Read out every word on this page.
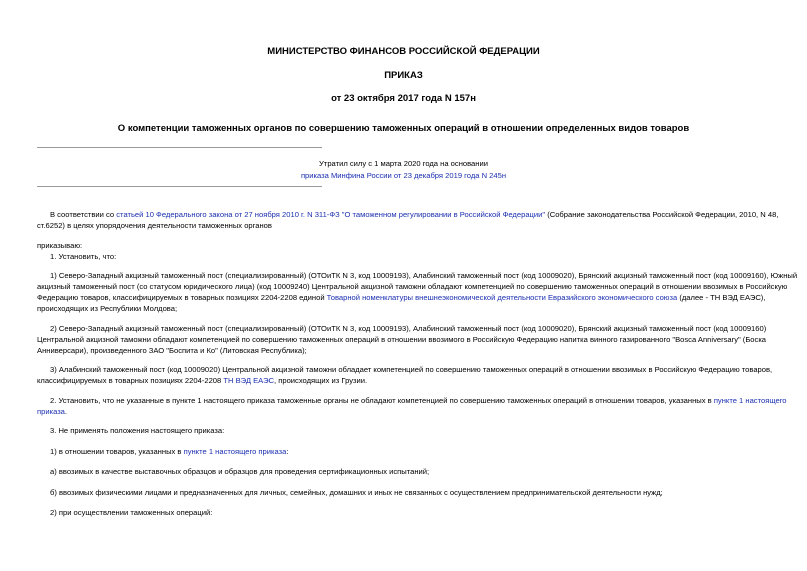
МИНИСТЕРСТВО ФИНАНСОВ РОССИЙСКОЙ ФЕДЕРАЦИИ
ПРИКАЗ
от 23 октября 2017 года N 157н
О компетенции таможенных органов по совершению таможенных операций в отношении определенных видов товаров
Утратил силу с 1 марта 2020 года на основании
приказа Минфина России от 23 декабря 2019 года N 245н
В соответствии со статьей 10 Федерального закона от 27 ноября 2010 г. N 311-ФЗ "О таможенном регулировании в Российской Федерации" (Собрание законодательства Российской Федерации, 2010, N 48,
ст.6252) в целях упорядочения деятельности таможенных органов
приказываю:
1. Установить, что:
1) Северо-Западный акцизный таможенный пост (специализированный) (ОТОиТК N 3, код 10009193), Алабинский таможенный пост (код 10009020), Брянский акцизный таможенный пост (код 10009160), Южный
акцизный таможенный пост (со статусом юридического лица) (код 10009240) Центральной акцизной таможни обладают компетенцией по совершению таможенных операций в отношении ввозимых в Российскую
Федерацию товаров, классифицируемых в товарных позициях 2204-2208 единой Товарной номенклатуры внешнеэкономической деятельности Евразийского экономического союза (далее - ТН ВЭД ЕАЭС),
происходящих из Республики Молдова;
2) Северо-Западный акцизный таможенный пост (специализированный) (ОТОиТК N 3, код 10009193), Алабинский таможенный пост (код 10009020), Брянский акцизный таможенный пост (код 10009160)
Центральной акцизной таможни обладают компетенцией по совершению таможенных операций в отношении ввозимого в Российскую Федерацию напитка винного газированного "Bosca Anniversary" (Боска
Анниверсари), произведенного ЗАО "Боспита и Ко" (Литовская Республика);
3) Алабинский таможенный пост (код 10009020) Центральной акцизной таможни обладает компетенцией по совершению таможенных операций в отношении ввозимых в Российскую Федерацию товаров,
классифицируемых в товарных позициях 2204-2208 ТН ВЭД ЕАЭС, происходящих из Грузии.
2. Установить, что не указанные в пункте 1 настоящего приказа таможенные органы не обладают компетенцией по совершению таможенных операций в отношении товаров, указанных в пункте 1 настоящего
приказа.
3. Не применять положения настоящего приказа:
1) в отношении товаров, указанных в пункте 1 настоящего приказа:
а) ввозимых в качестве выставочных образцов и образцов для проведения сертификационных испытаний;
б) ввозимых физическими лицами и предназначенных для личных, семейных, домашних и иных не связанных с осуществлением предпринимательской деятельности нужд;
2) при осуществлении таможенных операций:
